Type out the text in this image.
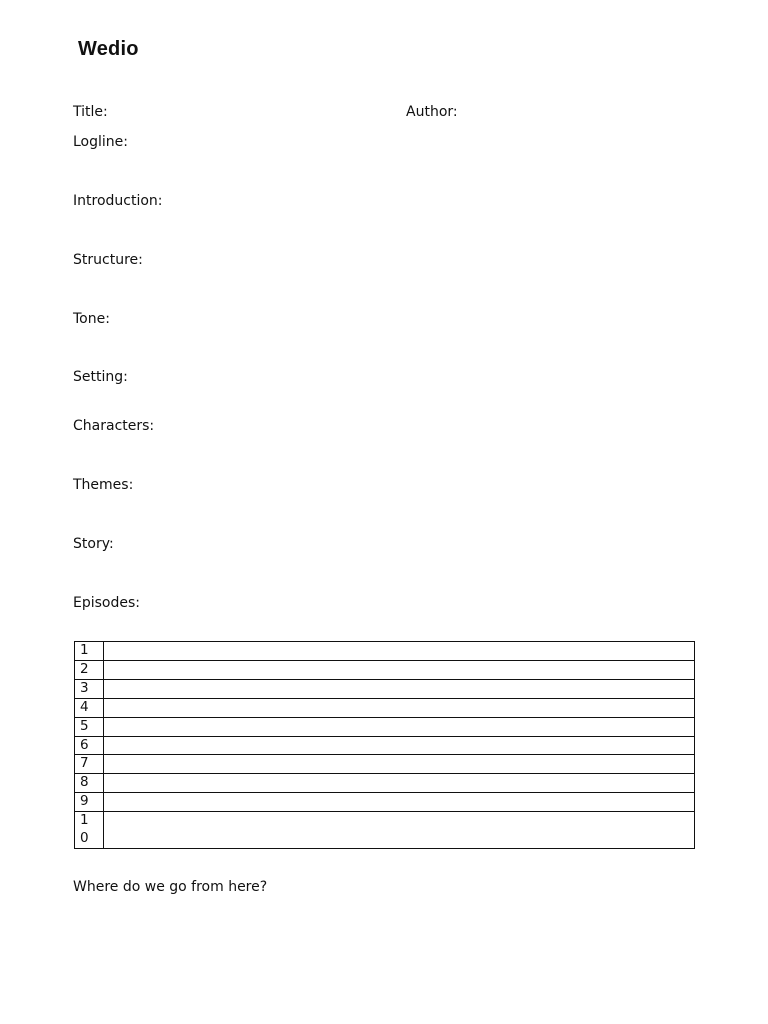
Wedio
Title:	Author:
Logline:
Introduction:
Structure:
Tone:
Setting:
Characters:
Themes:
Story:
Episodes:
1	

2	

3	

4	

5	

6	

7	

8	

9	

10	

Where do we go from here?
